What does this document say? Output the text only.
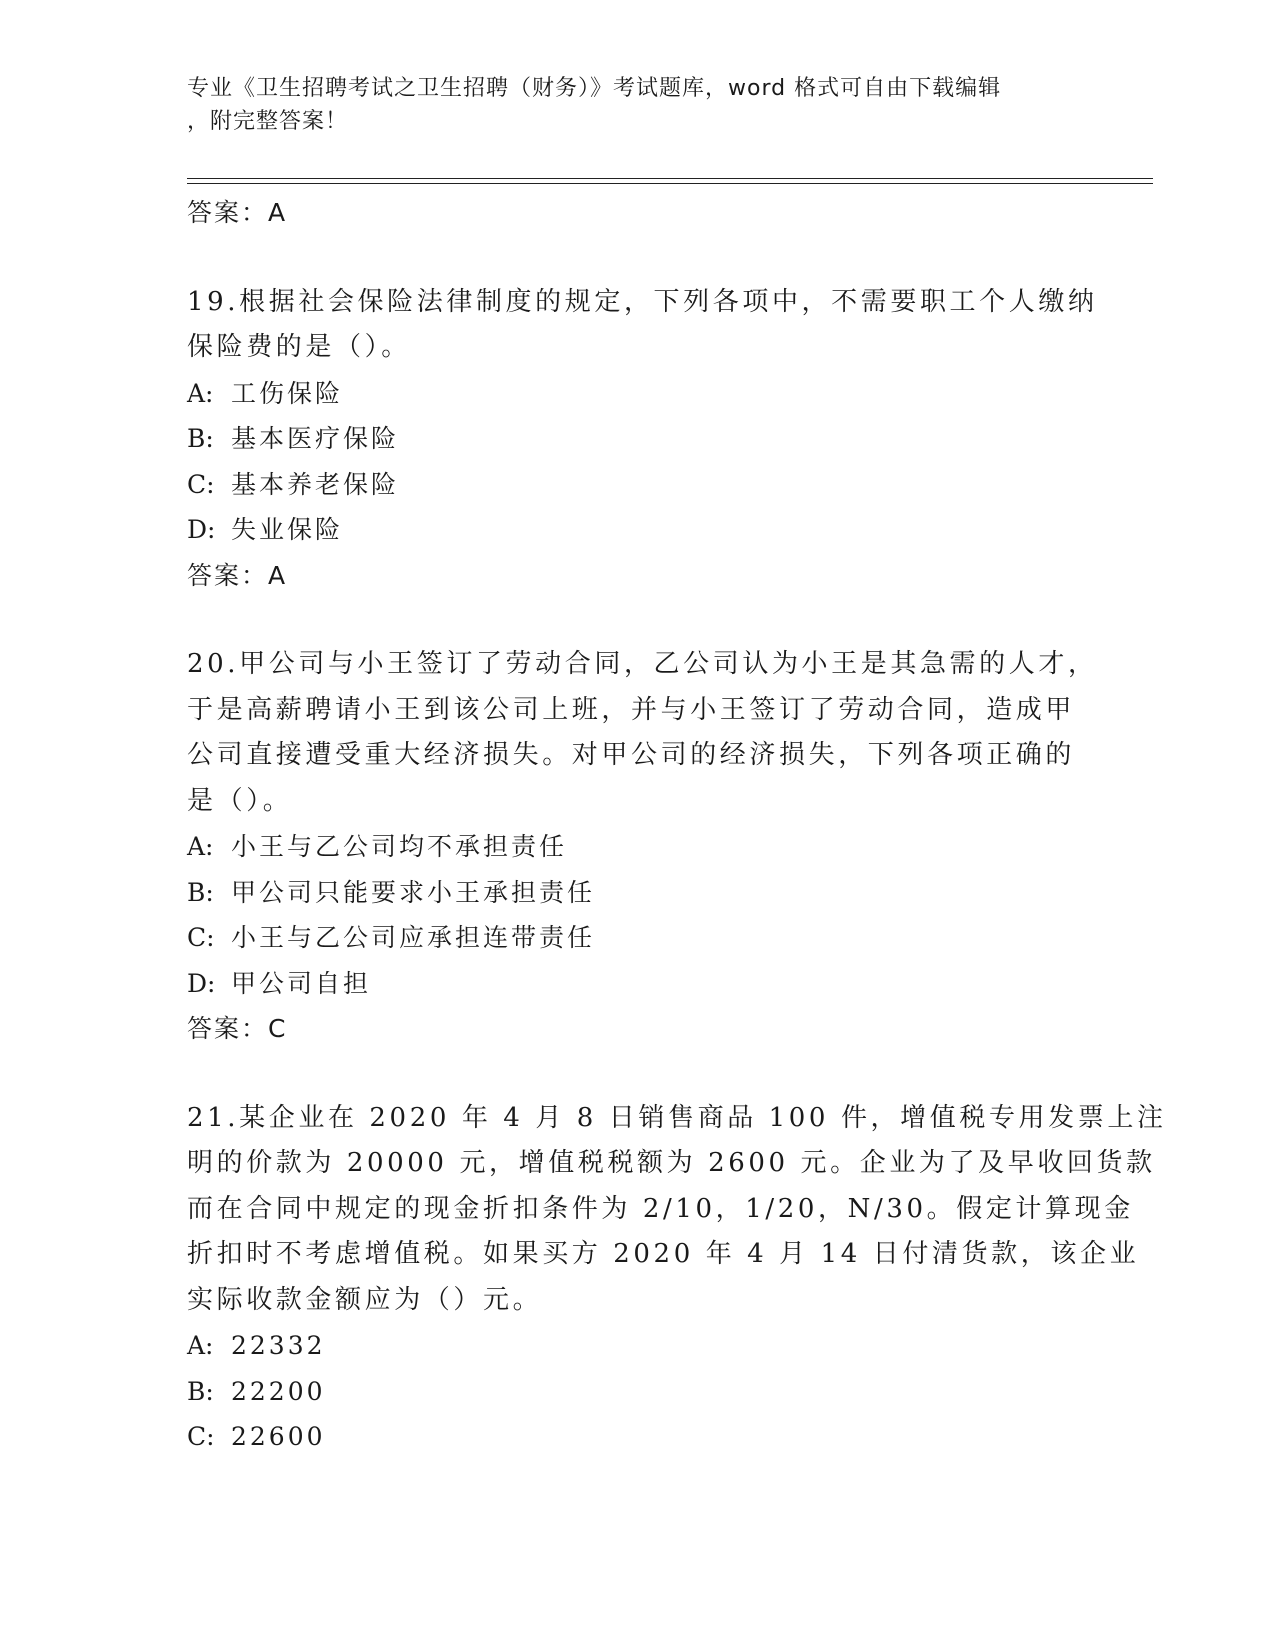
专业《卫生招聘考试之卫生招聘（财务）》考试题库，word 格式可自由下载编辑
，附完整答案！
答案：A
19.根据社会保险法律制度的规定，下列各项中，不需要职工个人缴纳
保险费的是（）。
A: 工伤保险
B: 基本医疗保险
C: 基本养老保险
D: 失业保险
答案：A
20.甲公司与小王签订了劳动合同，乙公司认为小王是其急需的人才，
于是高薪聘请小王到该公司上班，并与小王签订了劳动合同，造成甲
公司直接遭受重大经济损失。对甲公司的经济损失，下列各项正确的
是（）。
A: 小王与乙公司均不承担责任
B: 甲公司只能要求小王承担责任
C: 小王与乙公司应承担连带责任
D: 甲公司自担
答案：C
21.某企业在 2020 年 4 月 8 日销售商品 100 件，增值税专用发票上注
明的价款为 20000 元，增值税税额为 2600 元。企业为了及早收回货款
而在合同中规定的现金折扣条件为 2/10，1/20，N/30。假定计算现金
折扣时不考虑增值税。如果买方 2020 年 4 月 14 日付清货款，该企业
实际收款金额应为（）元。
A: 22332
B: 22200
C: 22600
